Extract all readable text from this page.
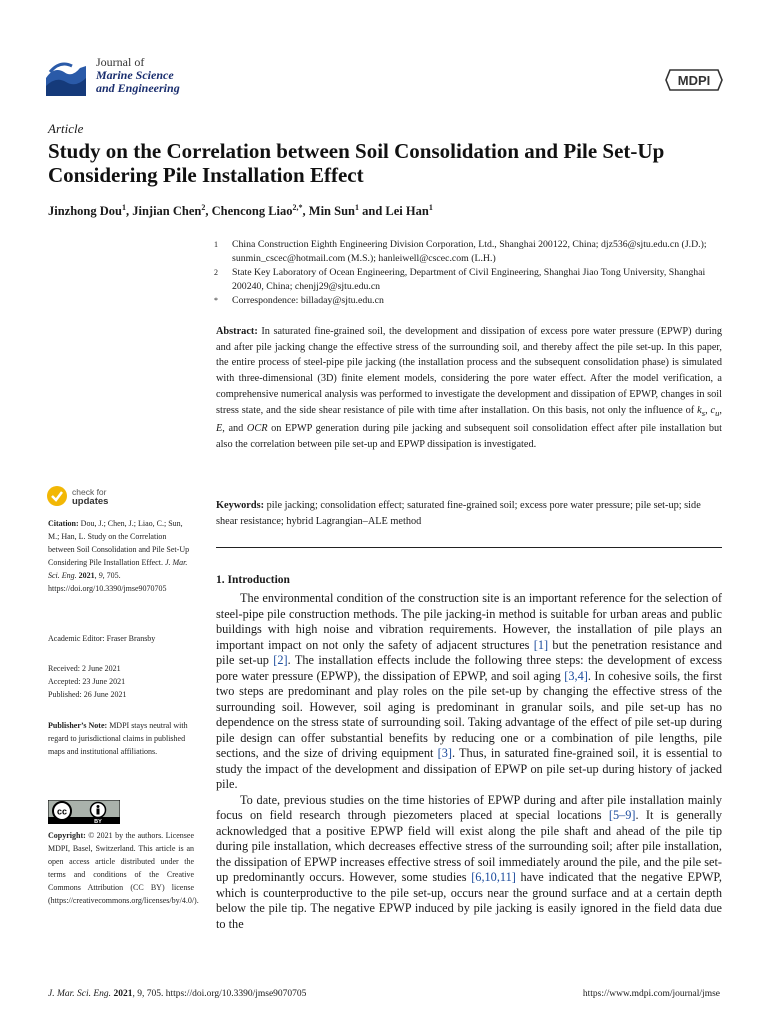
Journal of
Marine Science
and Engineering	MDPI
Article
Study on the Correlation between Soil Consolidation and Pile Set-Up Considering Pile Installation Effect
Jinzhong Dou$^1$, Jinjian Chen$^2$, Chencong Liao$^{2,*}$, Min Sun$^1$ and Lei Han$^1$
1	China Construction Eighth Engineering Division Corporation, Ltd., Shanghai 200122, China; djz536@sjtu.edu.cn (J.D.); sunmin_cscec@hotmail.com (M.S.); hanleiwell@cscec.com (L.H.)
2	State Key Laboratory of Ocean Engineering, Department of Civil Engineering, Shanghai Jiao Tong University, Shanghai 200240, China; chenjj29@sjtu.edu.cn
*	Correspondence: billaday@sjtu.edu.cn
Abstract: In saturated fine-grained soil, the development and dissipation of excess pore water pressure (EPWP) during and after pile jacking change the effective stress of the surrounding soil, and thereby affect the pile set-up. In this paper, the entire process of steel-pipe pile jacking (the installation process and the subsequent consolidation phase) is simulated with three-dimensional (3D) finite element models, considering the pore water effect. After the model verification, a comprehensive numerical analysis was performed to investigate the development and dissipation of EPWP, changes in soil stress state, and the side shear resistance of pile with time after installation. On this basis, not only the influence of $k_s$, $c_u$, E, and OCR on EPWP generation during pile jacking and subsequent soil consolidation effect after pile installation but also the correlation between pile set-up and EPWP dissipation is investigated.
Keywords: pile jacking; consolidation effect; saturated fine-grained soil; excess pore water pressure; pile set-up; side shear resistance; hybrid Lagrangian–ALE method
check for
updates
Citation: Dou, J.; Chen, J.; Liao, C.; Sun, M.; Han, L. Study on the Correlation between Soil Consolidation and Pile Set-Up Considering Pile Installation Effect. J. Mar. Sci. Eng. 2021, 9, 705. https://doi.org/10.3390/jmse9070705
Academic Editor: Fraser Bransby
Received: 2 June 2021
Accepted: 23 June 2021
Published: 26 June 2021
Publisher’s Note: MDPI stays neutral with regard to jurisdictional claims in published maps and institutional affiliations.
cc
BY
Copyright: © 2021 by the authors. Licensee MDPI, Basel, Switzerland. This article is an open access article distributed under the terms and conditions of the Creative Commons Attribution (CC BY) license (https://creativecommons.org/licenses/by/4.0/).
1. Introduction

The environmental condition of the construction site is an important reference for the selection of steel-pipe pile construction methods. The pile jacking-in method is suitable for urban areas and public buildings with high noise and vibration requirements. However, the installation of pile plays an important impact on not only the safety of adjacent structures [1] but the penetration resistance and pile set-up [2]. The installation effects include the following three steps: the development of excess pore water pressure (EPWP), the dissipation of EPWP, and soil aging [3,4]. In cohesive soils, the first two steps are predominant and play roles on the pile set-up by changing the effective stress of the surrounding soil. However, soil aging is predominant in granular soils, and pile set-up has no dependence on the stress state of surrounding soil. Taking advantage of the effect of pile set-up during pile design can offer substantial benefits by reducing one or a combination of pile lengths, pile sections, and the size of driving equipment [3]. Thus, in saturated fine-grained soil, it is essential to study the impact of the development and dissipation of EPWP on pile set-up during history of jacked pile.

To date, previous studies on the time histories of EPWP during and after pile installation mainly focus on field research through piezometers placed at special locations [5–9]. It is generally acknowledged that a positive EPWP field will exist along the pile shaft and ahead of the pile tip during pile installation, which decreases effective stress of the surrounding soil; after pile installation, the dissipation of EPWP increases effective stress of soil immediately around the pile, and the pile set-up predominantly occurs. However, some studies [6,10,11] have indicated that the negative EPWP, which is counterproductive to the pile set-up, occurs near the ground surface and at a certain depth below the pile tip. The negative EPWP induced by pile jacking is easily ignored in the field data due to the

J. Mar. Sci. Eng. 2021, 9, 705. https://doi.org/10.3390/jmse9070705	https://www.mdpi.com/journal/jmse
